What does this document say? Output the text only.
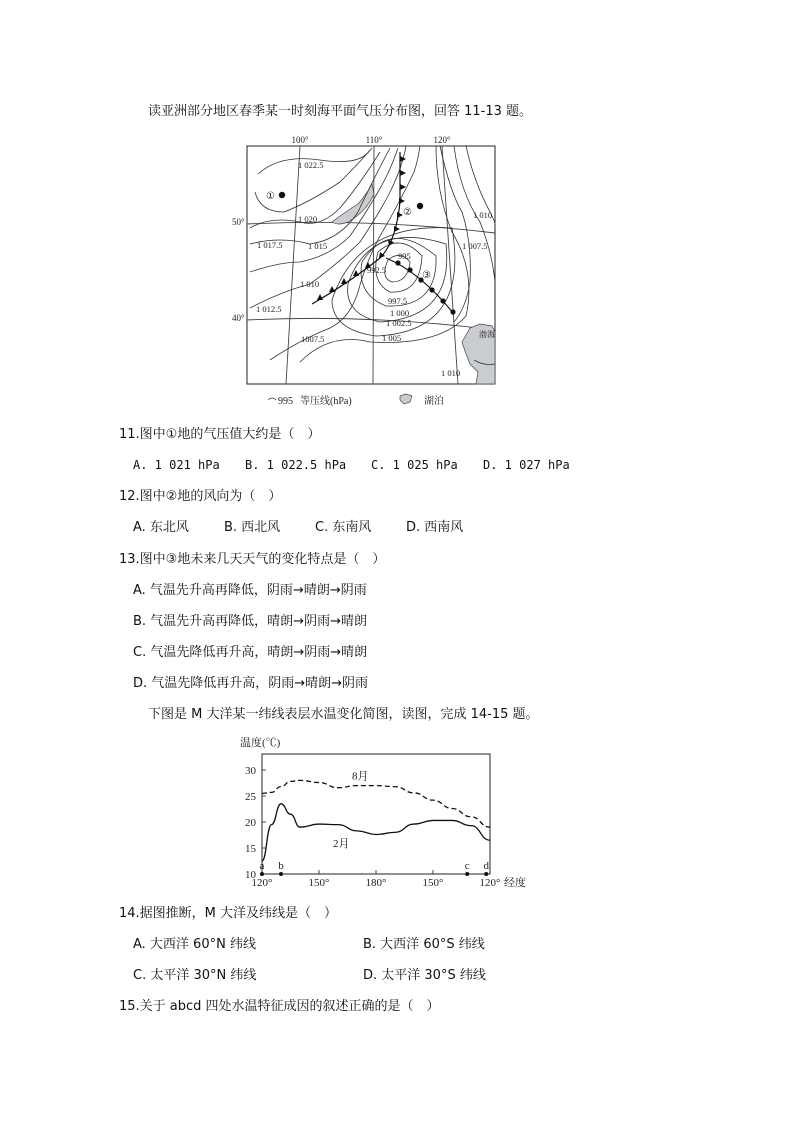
读亚洲部分地区春季某一时刻海平面气压分布图，回答 11-13 题。
100°	110°	120°
50°
40°
渤海
①
②
③
1 022.5
1 020
1 017.5	1 015
1 010
1 012.5
1007.5
995
992.5
997.5
1 000
1 002.5
1 005
1 010
1 007.5
1 010
995 等压线(hPa)	湖泊
11.图中①地的气压值大约是（　）
A. 1 021 hPa B. 1 022.5 hPa C. 1 025 hPa D. 1 027 hPa
12.图中②地的风向为（　）
A. 东北风	B. 西北风	C. 东南风	D. 西南风
13.图中③地未来几天天气的变化特点是（　）
A. 气温先升高再降低，阴雨→晴朗→阴雨
B. 气温先升高再降低，晴朗→阴雨→晴朗
C. 气温先降低再升高，晴朗→阴雨→晴朗
D. 气温先降低再升高，阴雨→晴朗→阴雨
下图是 M 大洋某一纬线表层水温变化简图，读图，完成 14-15 题。
温度(℃)
经度
10
15
20
25
30
120°	150°	180°	150°	120°
8月
2月
a b	c d
14.据图推断，M 大洋及纬线是（　）
A. 大西洋 60°N 纬线	B. 大西洋 60°S 纬线
C. 太平洋 30°N 纬线	D. 太平洋 30°S 纬线
15.关于 abcd 四处水温特征成因的叙述正确的是（　）
